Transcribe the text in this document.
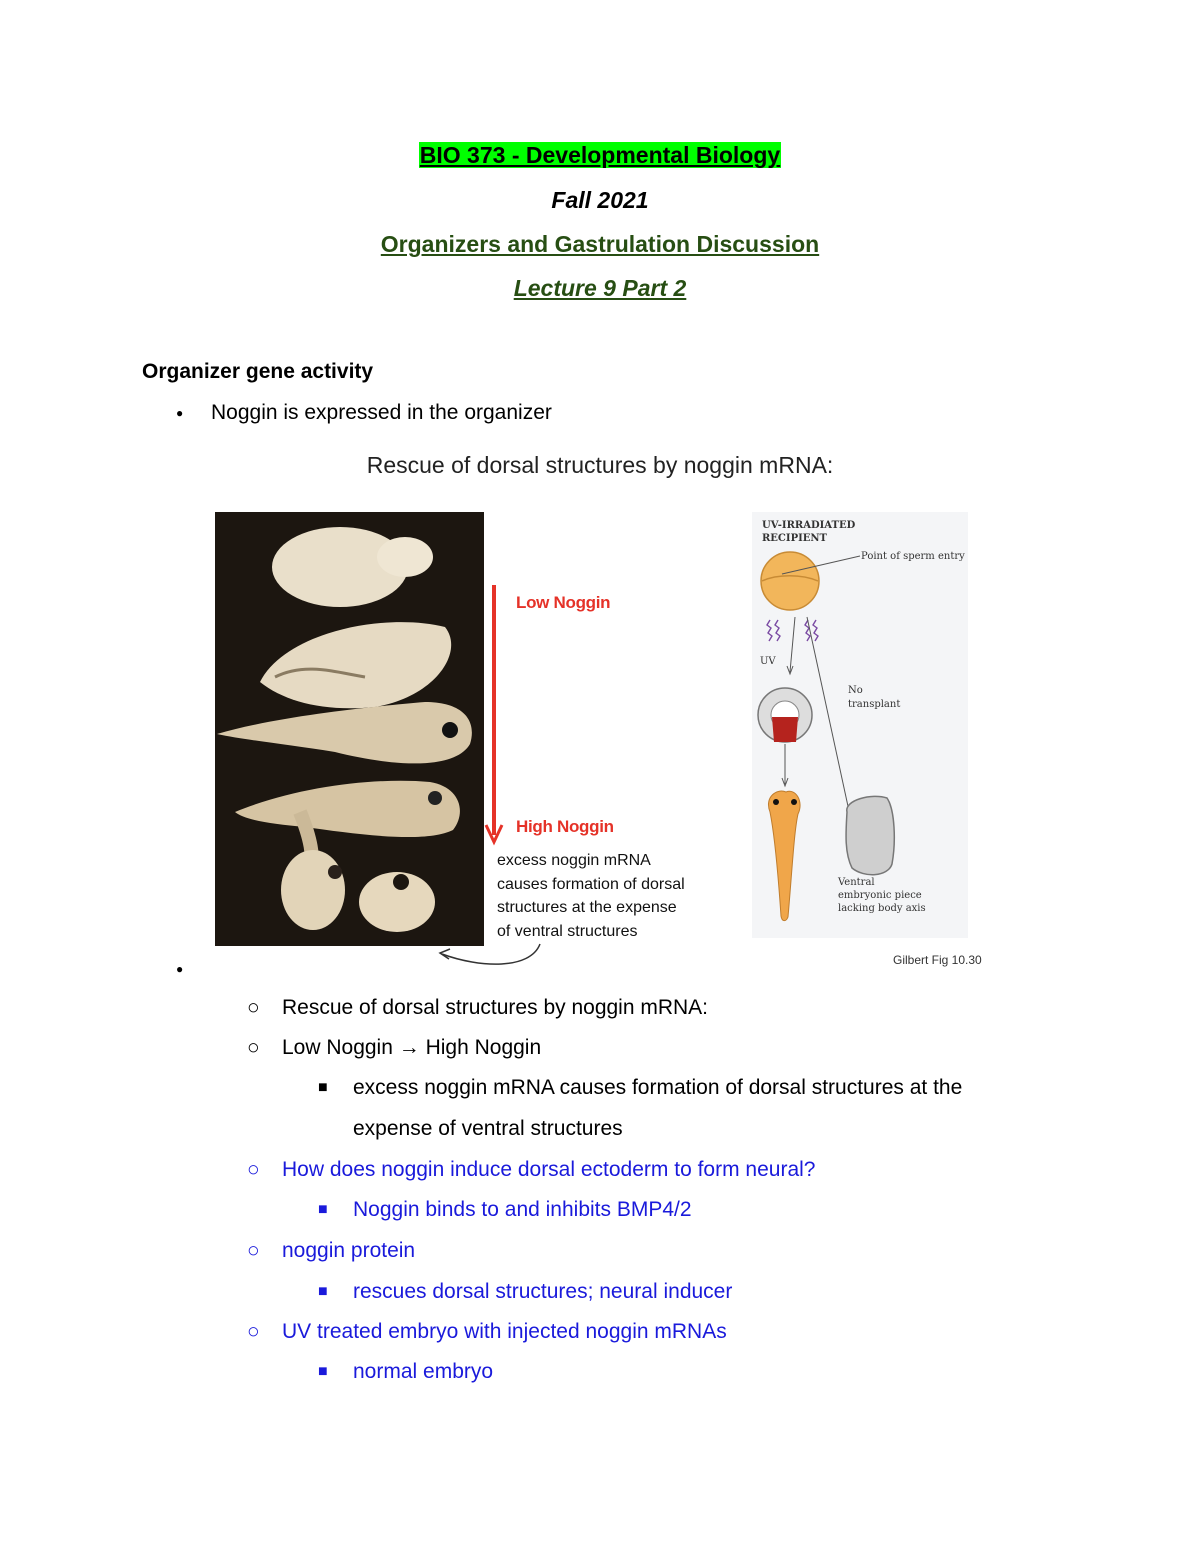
BIO 373 - Developmental Biology
Fall 2021
Organizers and Gastrulation Discussion
Lecture 9 Part 2
Organizer gene activity
● Noggin is expressed in the organizer
Rescue of dorsal structures by noggin mRNA:
Low Noggin
High Noggin
excess noggin mRNA
causes formation of dorsal
structures at the expense
of ventral structures
UV-IRRADIATED
RECIPIENT
Point of sperm entry
UV
No
transplant
Ventral
embryonic piece
lacking body axis
Gilbert Fig 10.30
●
○ Rescue of dorsal structures by noggin mRNA:
○ Low Noggin → High Noggin
■ excess noggin mRNA causes formation of dorsal structures at the
expense of ventral structures
○ How does noggin induce dorsal ectoderm to form neural?
■ Noggin binds to and inhibits BMP4/2
○ noggin protein
■ rescues dorsal structures; neural inducer
○ UV treated embryo with injected noggin mRNAs
■ normal embryo
